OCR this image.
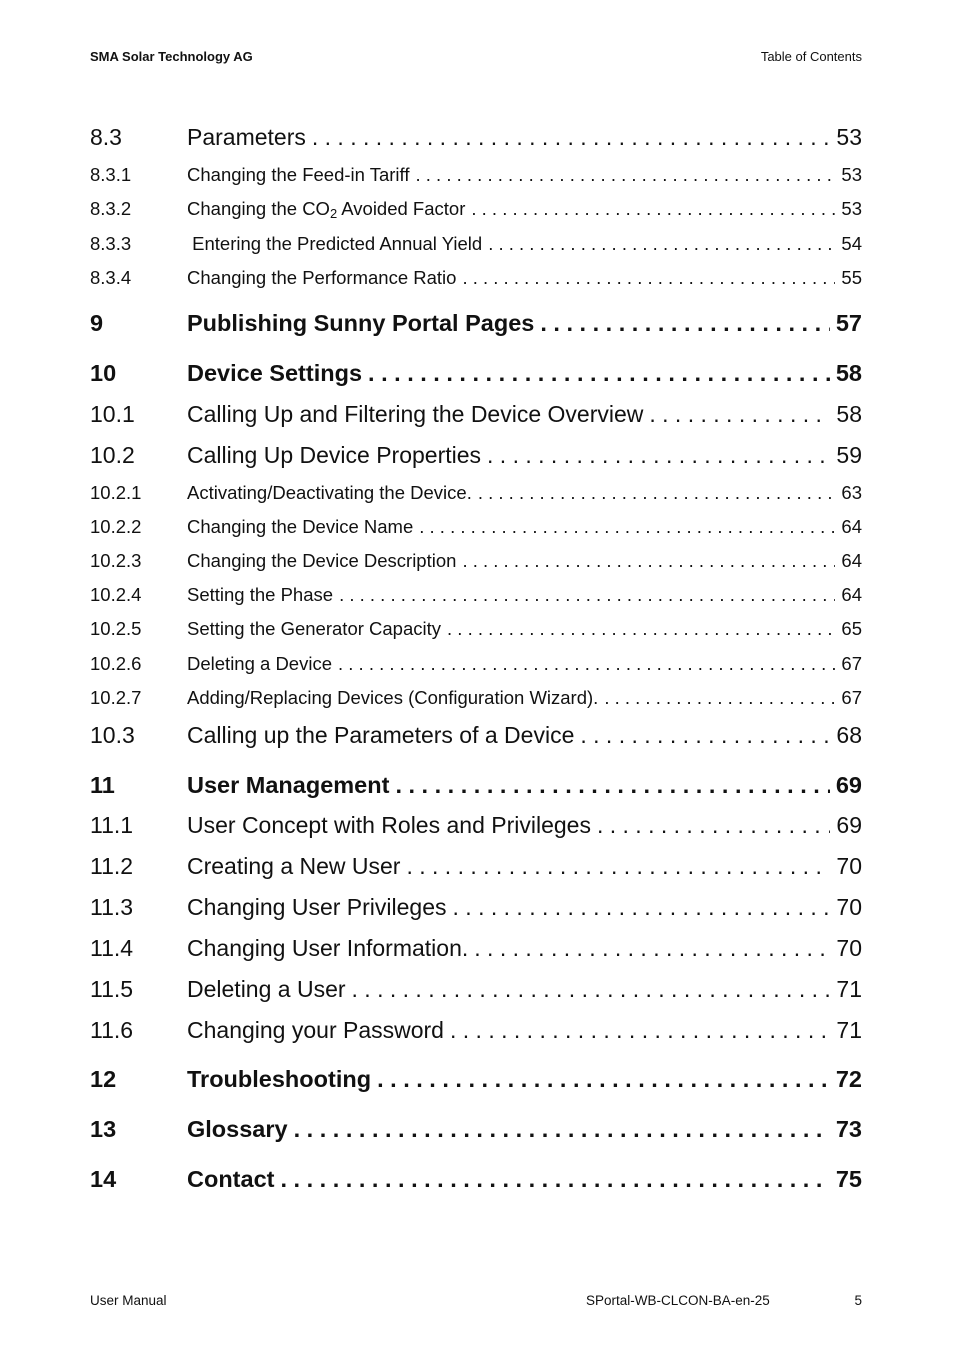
SMA Solar Technology AG	Table of Contents
8.3	Parameters . . .	53
8.3.1	Changing the Feed-in Tariff . . .	53
8.3.2	Changing the $CO_2$ Avoided Factor . . .	53
8.3.3	Entering the Predicted Annual Yield . . .	54
8.3.4	Changing the Performance Ratio . . .	55
9	Publishing Sunny Portal Pages . . .	57
10	Device Settings . . .	58
10.1	Calling Up and Filtering the Device Overview . . .	58
10.2	Calling Up Device Properties . . .	59
10.2.1	Activating/Deactivating the Device. . . .	63
10.2.2	Changing the Device Name . . .	64
10.2.3	Changing the Device Description . . .	64
10.2.4	Setting the Phase . . .	64
10.2.5	Setting the Generator Capacity . . .	65
10.2.6	Deleting a Device . . .	67
10.2.7	Adding/Replacing Devices (Configuration Wizard). . . .	67
10.3	Calling up the Parameters of a Device . . .	68
11	User Management . . .	69
11.1	User Concept with Roles and Privileges . . .	69
11.2	Creating a New User . . .	70
11.3	Changing User Privileges . . .	70
11.4	Changing User Information. . . .	70
11.5	Deleting a User . . .	71
11.6	Changing your Password . . .	71
12	Troubleshooting . . .	72
13	Glossary . . .	73
14	Contact . . .	75
User Manual	SPortal-WB-CLCON-BA-en-25	5
